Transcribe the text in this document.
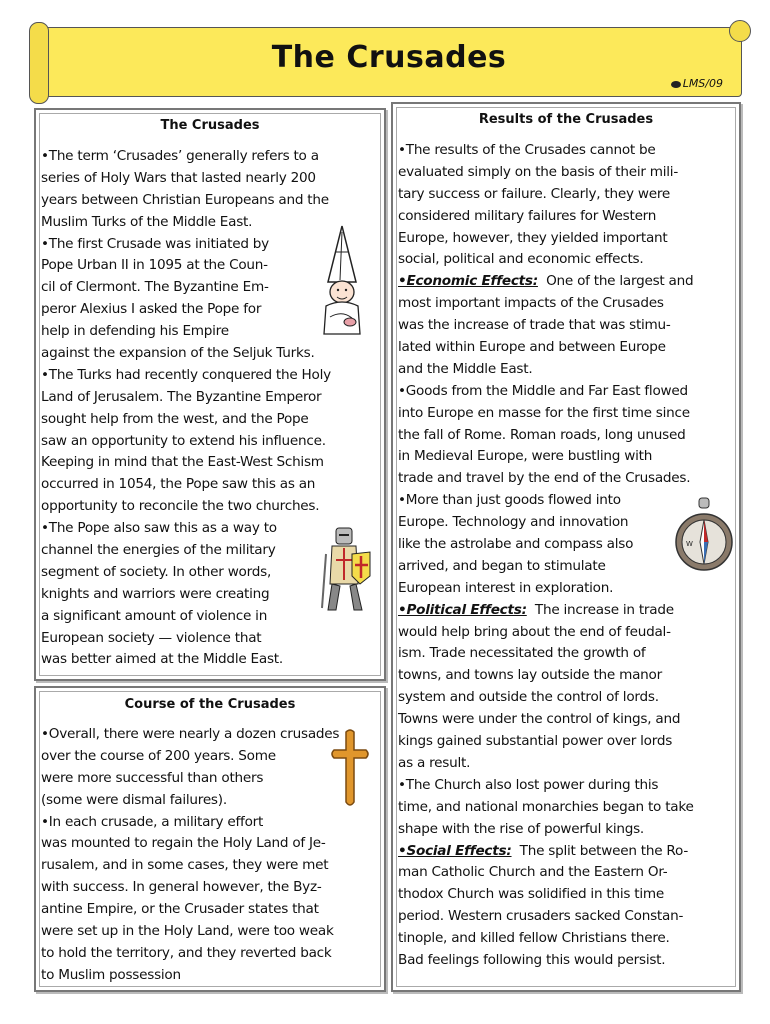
The Crusades
LMS/09
The Crusades
•The term ‘Crusades’ generally refers to a
series of Holy Wars that lasted nearly 200
years between Christian Europeans and the
Muslim Turks of the Middle East.
•The first Crusade was initiated by
Pope Urban II in 1095 at the Coun-
cil of Clermont. The Byzantine Em-
peror Alexius I asked the Pope for
help in defending his Empire
against the expansion of the Seljuk Turks.
•The Turks had recently conquered the Holy
Land of Jerusalem. The Byzantine Emperor
sought help from the west, and the Pope
saw an opportunity to extend his influence.
Keeping in mind that the East-West Schism
occurred in 1054, the Pope saw this as an
opportunity to reconcile the two churches.
•The Pope also saw this as a way to
channel the energies of the military
segment of society. In other words,
knights and warriors were creating
a significant amount of violence in
European society — violence that
was better aimed at the Middle East.
Course of the Crusades
•Overall, there were nearly a dozen crusades
over the course of 200 years. Some
were more successful than others
(some were dismal failures).
•In each crusade, a military effort
was mounted to regain the Holy Land of Je-
rusalem, and in some cases, they were met
with success. In general however, the Byz-
antine Empire, or the Crusader states that
were set up in the Holy Land, were too weak
to hold the territory, and they reverted back
to Muslim possession
Results of the Crusades
•The results of the Crusades cannot be
evaluated simply on the basis of their mili-
tary success or failure. Clearly, they were
considered military failures for Western
Europe, however, they yielded important
social, political and economic effects.
•Economic Effects:  One of the largest and
most important impacts of the Crusades
was the increase of trade that was stimu-
lated within Europe and between Europe
and the Middle East.
•Goods from the Middle and Far East flowed
into Europe en masse for the first time since
the fall of Rome. Roman roads, long unused
in Medieval Europe, were bustling with
trade and travel by the end of the Crusades.
•More than just goods flowed into
Europe. Technology and innovation
like the astrolabe and compass also
arrived, and began to stimulate
European interest in exploration.
•Political Effects:  The increase in trade
would help bring about the end of feudal-
ism. Trade necessitated the growth of
towns, and towns lay outside the manor
system and outside the control of lords.
Towns were under the control of kings, and
kings gained substantial power over lords
as a result.
•The Church also lost power during this
time, and national monarchies began to take
shape with the rise of powerful kings.
•Social Effects:  The split between the Ro-
man Catholic Church and the Eastern Or-
thodox Church was solidified in this time
period. Western crusaders sacked Constan-
tinople, and killed fellow Christians there.
Bad feelings following this would persist.
W
